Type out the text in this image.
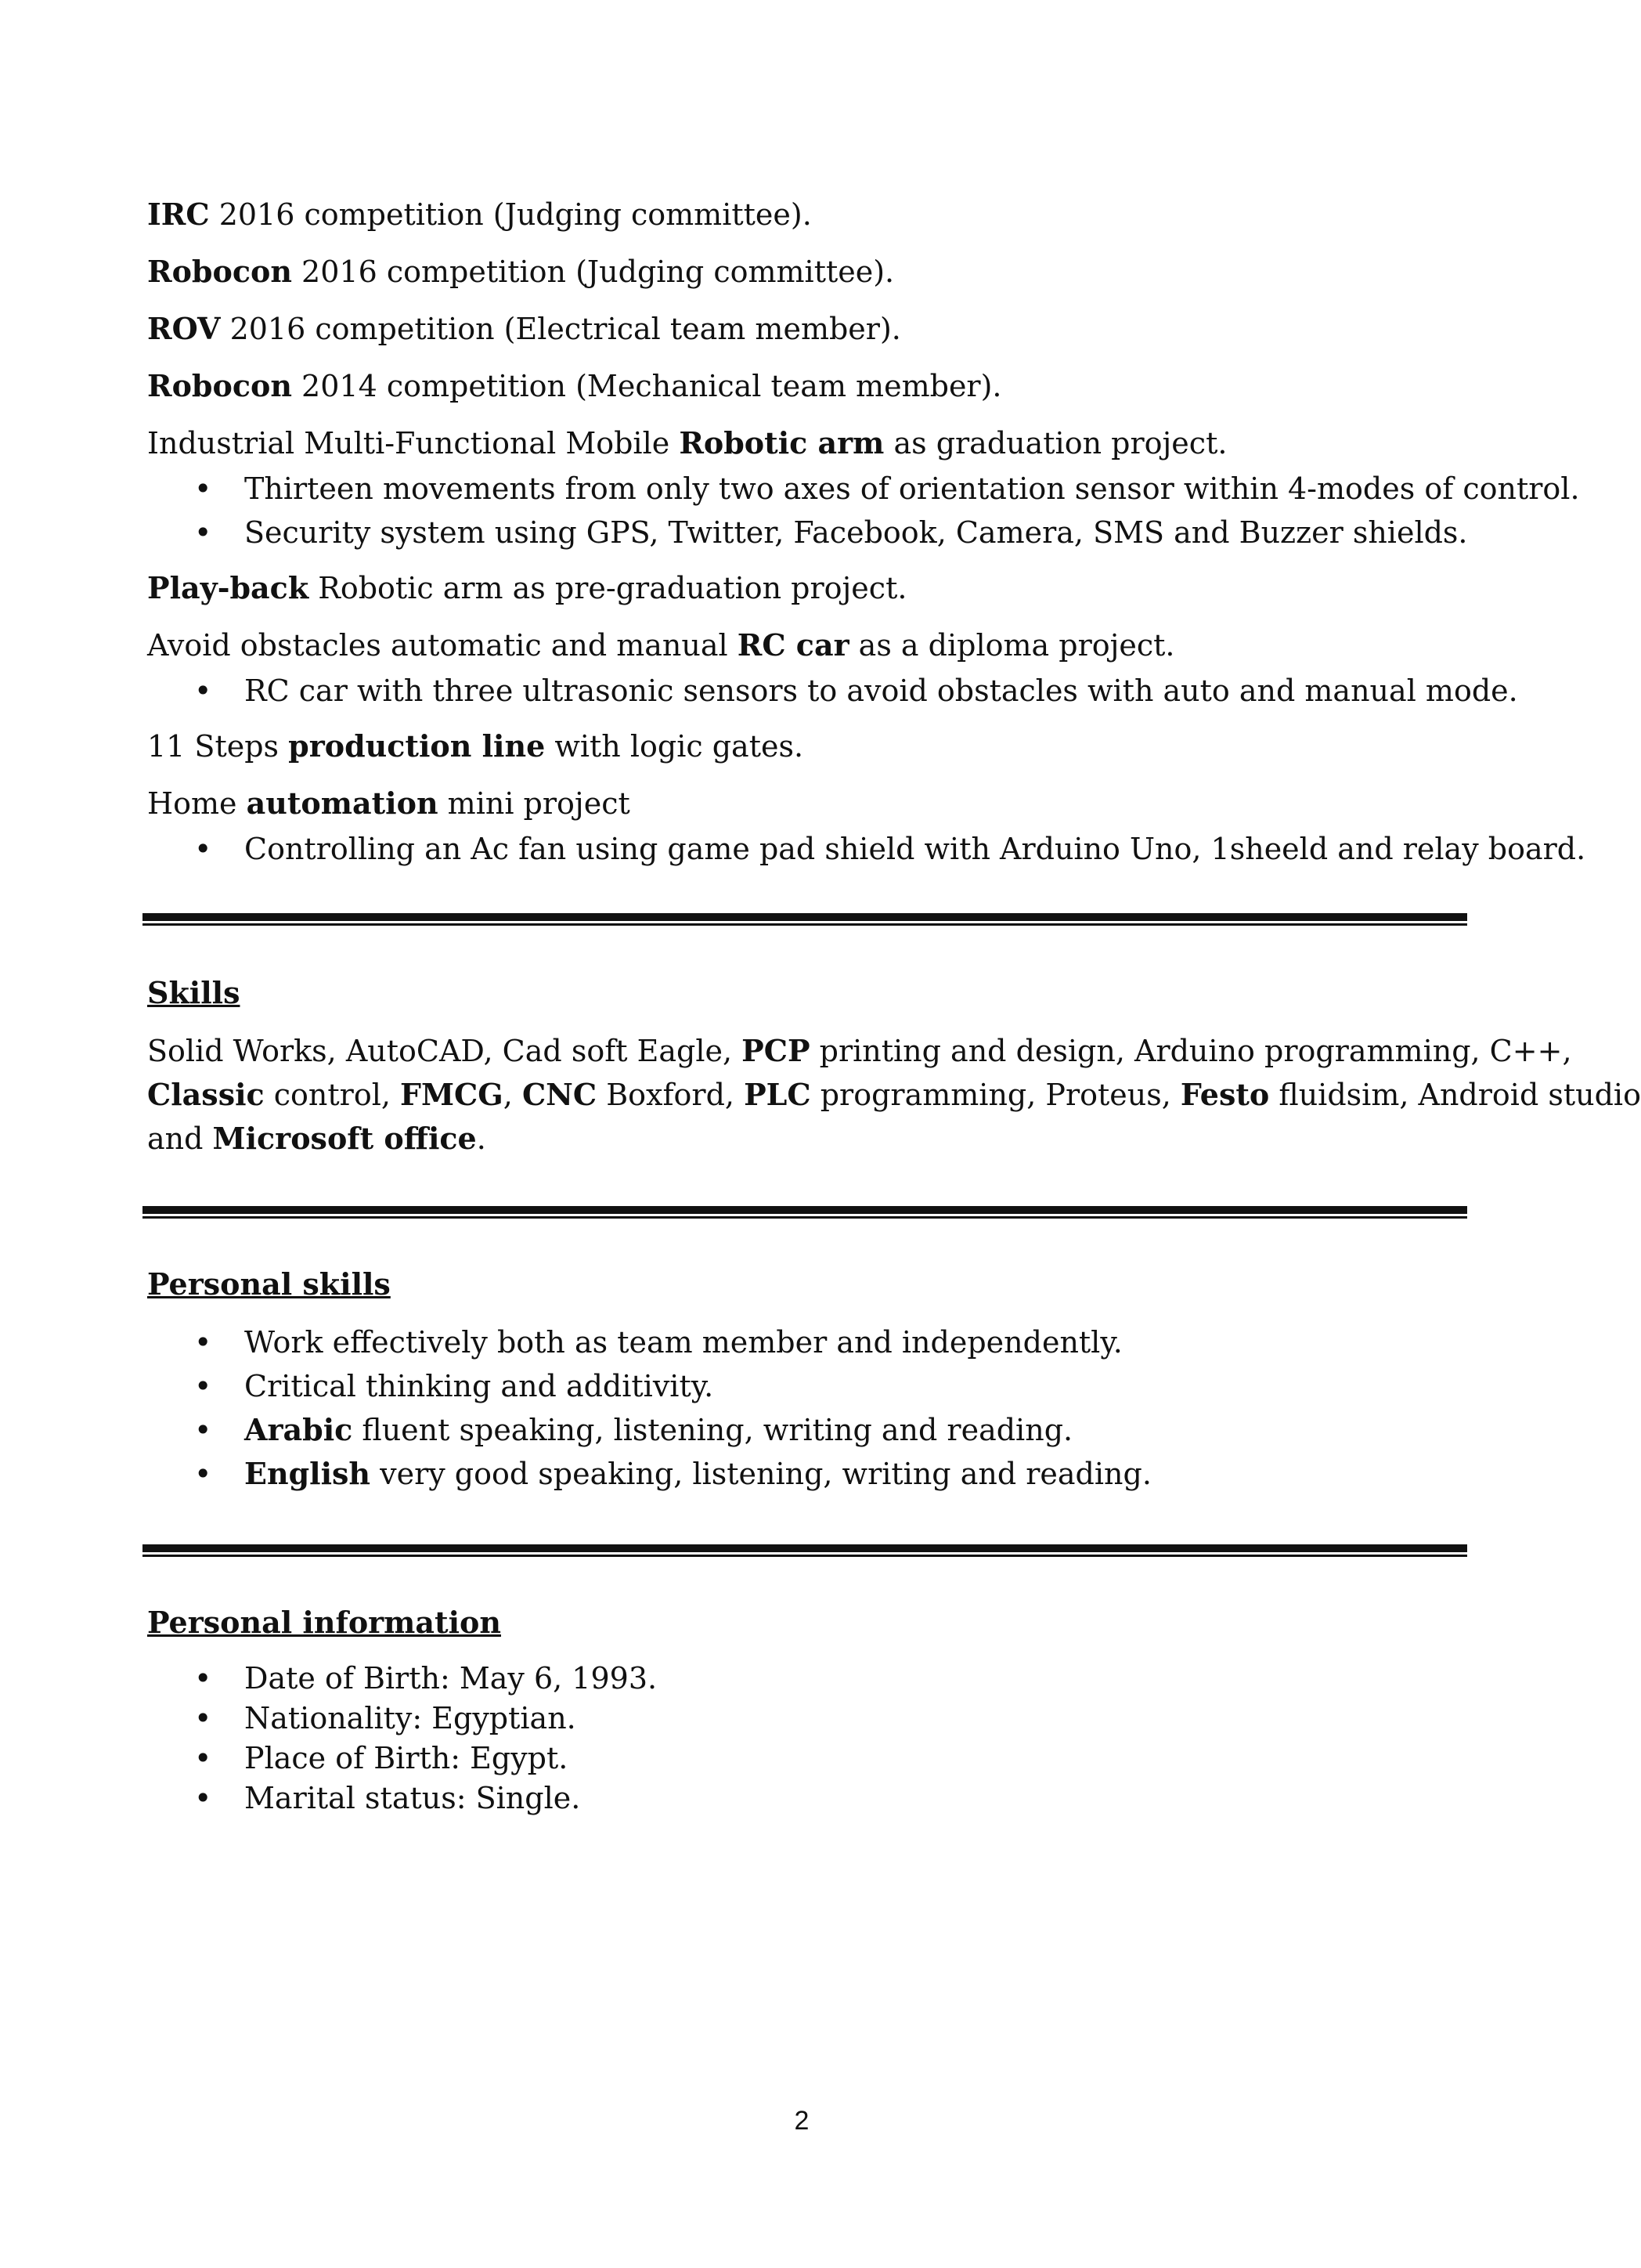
IRC 2016 competition (Judging committee).
Robocon 2016 competition (Judging committee).
ROV 2016 competition (Electrical team member).
Robocon 2014 competition (Mechanical team member).
Industrial Multi-Functional Mobile Robotic arm as graduation project.
• Thirteen movements from only two axes of orientation sensor within 4-modes of control.
• Security system using GPS, Twitter, Facebook, Camera, SMS and Buzzer shields.
Play-back Robotic arm as pre-graduation project.
Avoid obstacles automatic and manual RC car as a diploma project.
• RC car with three ultrasonic sensors to avoid obstacles with auto and manual mode.
11 Steps production line with logic gates.
Home automation mini project
• Controlling an Ac fan using game pad shield with Arduino Uno, 1sheeld and relay board.
Skills
Solid Works, AutoCAD, Cad soft Eagle, PCP printing and design, Arduino programming, C++,
Classic control, FMCG, CNC Boxford, PLC programming, Proteus, Festo fluidsim, Android studio
and Microsoft office.
Personal skills
• Work effectively both as team member and independently.
• Critical thinking and additivity.
• Arabic fluent speaking, listening, writing and reading.
• English very good speaking, listening, writing and reading.
Personal information
• Date of Birth: May 6, 1993.
• Nationality: Egyptian.
• Place of Birth: Egypt.
• Marital status: Single.
2
